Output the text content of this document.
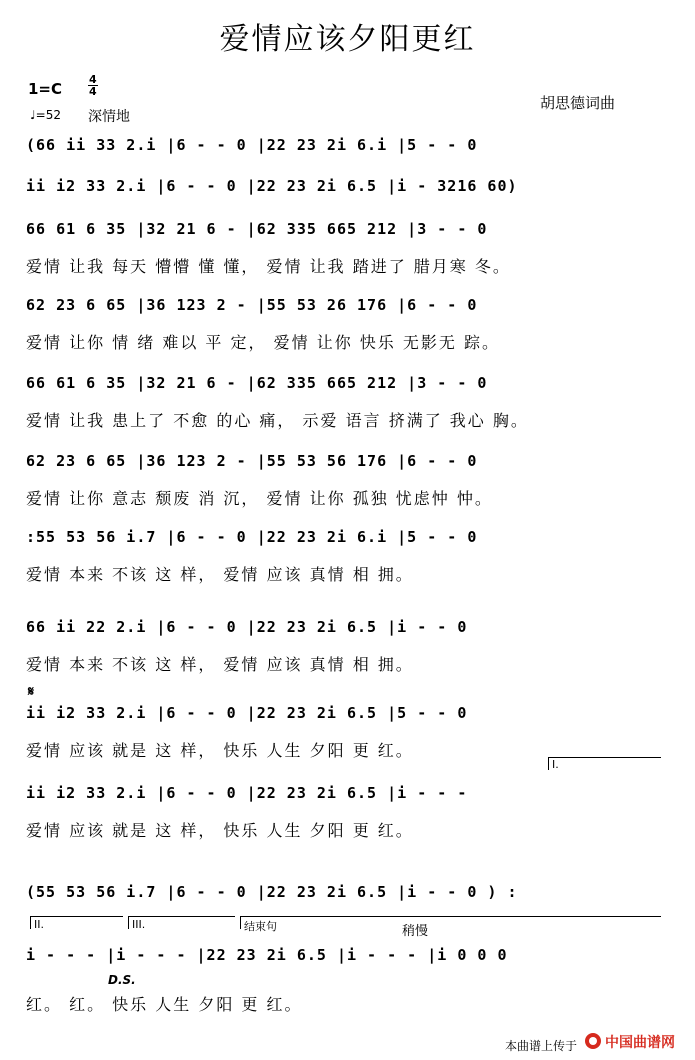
爱情应该夕阳更红
1=C
4
4
♩=52 深情地
胡思德词曲
(66 ii 33 2.i |6 - - 0 |22 23 2i 6.i |5 - - 0
ii i2 33 2.i |6 - - 0 |22 23 2i 6.5 |i - 3216 60)
66 61 6 35 |32 21 6 - |62 335 665 212 |3 - - 0
爱情 让我 每天 懵懵 懂 懂， 爱情 让我 踏进了 腊月寒 冬。
62 23 6 65 |36 123 2 - |55 53 26 176 |6 - - 0
爱情 让你 情 绪 难以 平 定， 爱情 让你 快乐 无影无 踪。
66 61 6 35 |32 21 6 - |62 335 665 212 |3 - - 0
爱情 让我 患上了 不愈 的心 痛， 示爱 语言 挤满了 我心 胸。
62 23 6 65 |36 123 2 - |55 53 56 176 |6 - - 0
爱情 让你 意志 颓废 消 沉， 爱情 让你 孤独 忧虑忡 忡。
:55 53 56 i.7 |6 - - 0 |22 23 2i 6.i |5 - - 0
爱情 本来 不该 这 样， 爱情 应该 真情 相 拥。
66 ii 22 2.i |6 - - 0 |22 23 2i 6.5 |i - - 0
爱情 本来 不该 这 样， 爱情 应该 真情 相 拥。
𝄋
ii i2 33 2.i |6 - - 0 |22 23 2i 6.5 |5 - - 0
爱情 应该 就是 这 样， 快乐 人生 夕阳 更 红。
I.
ii i2 33 2.i |6 - - 0 |22 23 2i 6.5 |i - - -
爱情 应该 就是 这 样， 快乐 人生 夕阳 更 红。
(55 53 56 i.7 |6 - - 0 |22 23 2i 6.5 |i - - 0 ) :
II.	III.	结束句	稍慢
i - - - |i - - - |22 23 2i 6.5 |i - - - |i 0 0 0
D.S.
红。 红。 快乐 人生 夕阳 更 红。
本曲谱上传于 中国曲谱网
